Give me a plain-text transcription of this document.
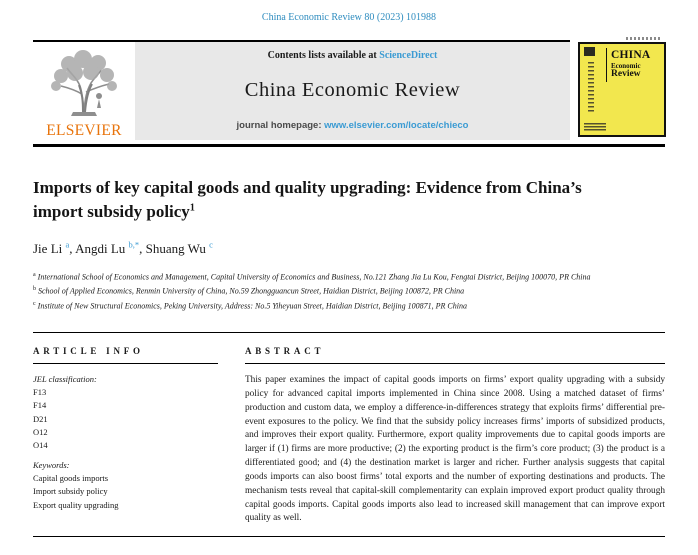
China Economic Review 80 (2023) 101988
ELSEVIER
Contents lists available at ScienceDirect
China Economic Review
journal homepage: www.elsevier.com/locate/chieco
CHINA
Economic
Review
Imports of key capital goods and quality upgrading: Evidence from China’s import subsidy policy$^1$
Jie Li $^a$, Angdi Lu $^{b,*}$, Shuang Wu $^c$
$^a$ International School of Economics and Management, Capital University of Economics and Business, No.121 Zhang Jia Lu Kou, Fengtai District, Beijing 100070, PR China
$^b$ School of Applied Economics, Renmin University of China, No.59 Zhongguancun Street, Haidian District, Beijing 100872, PR China
$^c$ Institute of New Structural Economics, Peking University, Address: No.5 Yiheyuan Street, Haidian District, Beijing 100871, PR China
ARTICLE INFO
JEL classification:
F13
F14
D21
O12
O14
Keywords:
Capital goods imports
Import subsidy policy
Export quality upgrading
ABSTRACT
This paper examines the impact of capital goods imports on firms’ export quality upgrading with a subsidy policy for advanced capital imports implemented in China since 2008. Using a matched dataset of firms’ production and custom data, we employ a difference-in-differences strategy that exploits firms’ differential pre-event exposures to the policy. We find that the subsidy policy increases firms’ imports of subsidized products, and improves their export quality. Furthermore, export quality improvements due to capital goods imports are larger if (1) firms are more productive; (2) the exporting product is the firm’s core product; (3) the product is a differentiated good; and (4) the destination market is larger and richer. Further analysis suggests that capital goods imports can also boost firms’ total exports and the number of exporting destinations and products. The mechanism tests reveal that capital-skill complementarity can explain improved export product quality through capital goods imports. Capital goods imports also lead to increased skill management that can improve export quality as well.
